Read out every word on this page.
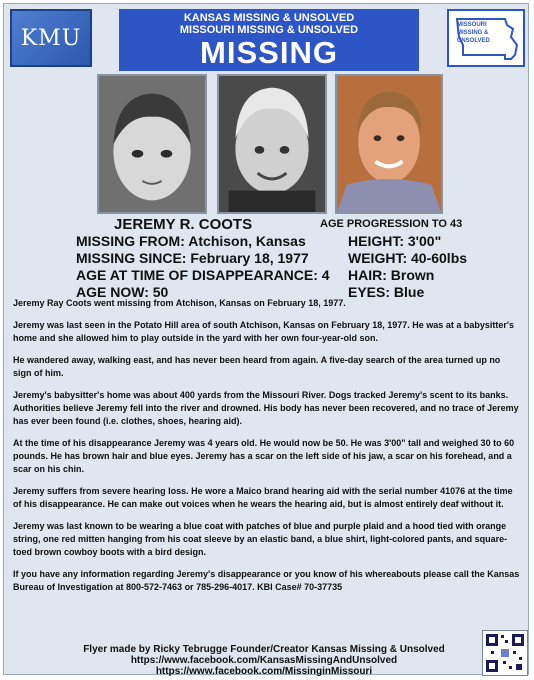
KMU
KANSAS MISSING & UNSOLVED
MISSOURI MISSING & UNSOLVED
MISSING
MISSOURI
MISSING &
UNSOLVED
JEREMY R. COOTS	AGE PROGRESSION TO 43
MISSING FROM: Atchison, Kansas
MISSING SINCE: February 18, 1977
AGE AT TIME OF DISAPPEARANCE: 4
AGE NOW: 50
HEIGHT: 3'00"
WEIGHT: 40-60lbs
HAIR: Brown
EYES: Blue

Jeremy Ray Coots went missing from Atchison, Kansas on February 18, 1977.

Jeremy was last seen in the Potato Hill area of south Atchison, Kansas on February 18, 1977. He was at a babysitter's home and she allowed him to play outside in the yard with her own four-year-old son.

He wandered away, walking east, and has never been heard from again. A five-day search of the area turned up no sign of him.

Jeremy's babysitter's home was about 400 yards from the Missouri River. Dogs tracked Jeremy's scent to its banks. Authorities believe Jeremy fell into the river and drowned. His body has never been recovered, and no trace of Jeremy has ever been found (i.e. clothes, shoes, hearing aid).

At the time of his disappearance Jeremy was 4 years old. He would now be 50. He was 3'00" tall and weighed 30 to 60 pounds. He has brown hair and blue eyes. Jeremy has a scar on the left side of his jaw, a scar on his forehead, and a scar on his chin.

Jeremy suffers from severe hearing loss. He wore a Maico brand hearing aid with the serial number 41076 at the time of his disappearance. He can make out voices when he wears the hearing aid, but is almost entirely deaf without it.

Jeremy was last known to be wearing a blue coat with patches of blue and purple plaid and a hood tied with orange string, one red mitten hanging from his coat sleeve by an elastic band, a blue shirt, light-colored pants, and square-toed brown cowboy boots with a bird design.

If you have any information regarding Jeremy's disappearance or you know of his whereabouts please call the Kansas Bureau of Investigation at 800-572-7463 or 785-296-4017. KBI Case# 70-37735

Flyer made by Ricky Tebrugge Founder/Creator Kansas Missing & Unsolved
https://www.facebook.com/KansasMissingAndUnsolved
https://www.facebook.com/MissinginMissouri
